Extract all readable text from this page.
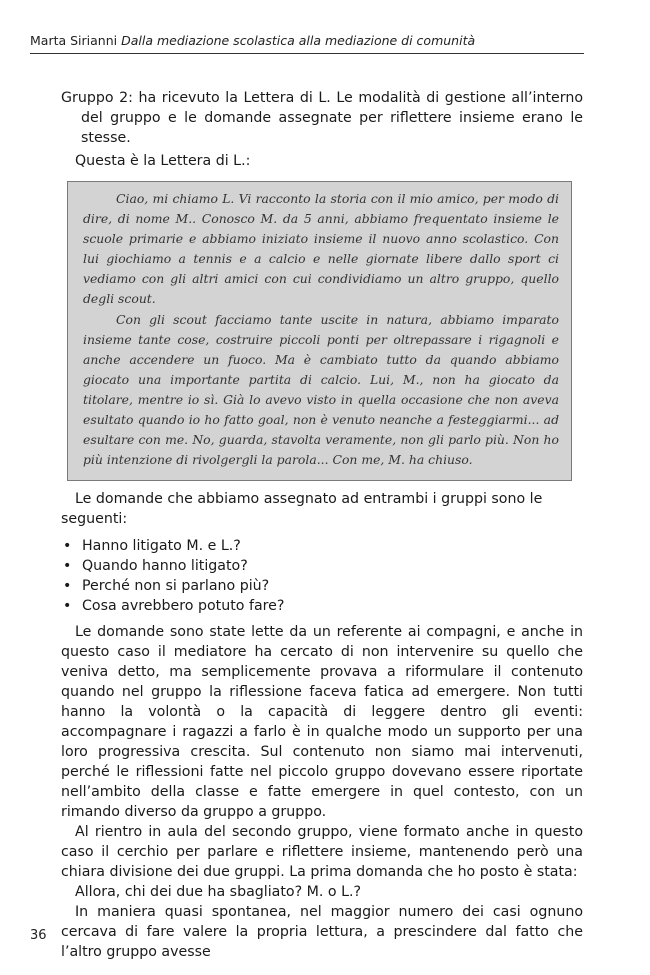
Marta Sirianni Dalla mediazione scolastica alla mediazione di comunità

Gruppo 2: ha ricevuto la Lettera di L. Le modalità di gestione all’interno del gruppo e le domande assegnate per riflettere insieme erano le stesse.

Questa è la Lettera di L.:

Ciao, mi chiamo L. Vi racconto la storia con il mio amico, per modo di dire, di nome M.. Conosco M. da 5 anni, abbiamo frequentato insieme le scuole primarie e abbiamo iniziato insieme il nuovo anno scolastico. Con lui giochiamo a tennis e a calcio e nelle giornate libere dallo sport ci vediamo con gli altri amici con cui condividiamo un altro gruppo, quello degli scout.

Con gli scout facciamo tante uscite in natura, abbiamo imparato insieme tante cose, costruire piccoli ponti per oltrepassare i rigagnoli e anche accendere un fuoco. Ma è cambiato tutto da quando abbiamo giocato una importante partita di calcio. Lui, M., non ha giocato da titolare, mentre io sì. Già lo avevo visto in quella occasione che non aveva esultato quando io ho fatto goal, non è venuto neanche a festeggiarmi... ad esultare con me. No, guarda, stavolta veramente, non gli parlo più. Non ho più intenzione di rivolgergli la parola... Con me, M. ha chiuso.

Le domande che abbiamo assegnato ad entrambi i gruppi sono le seguenti:

• Hanno litigato M. e L.?
• Quando hanno litigato?
• Perché non si parlano più?
• Cosa avrebbero potuto fare?

Le domande sono state lette da un referente ai compagni, e anche in questo caso il mediatore ha cercato di non intervenire su quello che veniva detto, ma semplicemente provava a riformulare il contenuto quando nel gruppo la riflessione faceva fatica ad emergere. Non tutti hanno la volontà o la capacità di leggere dentro gli eventi: accompagnare i ragazzi a farlo è in qualche modo un supporto per una loro progressiva crescita. Sul contenuto non siamo mai intervenuti, perché le riflessioni fatte nel piccolo gruppo dovevano essere riportate nell’ambito della classe e fatte emergere in quel contesto, con un rimando diverso da gruppo a gruppo.

Al rientro in aula del secondo gruppo, viene formato anche in questo caso il cerchio per parlare e riflettere insieme, mantenendo però una chiara divisione dei due gruppi. La prima domanda che ho posto è stata:

Allora, chi dei due ha sbagliato? M. o L.?

In maniera quasi spontanea, nel maggior numero dei casi ognuno cercava di fare valere la propria lettura, a prescindere dal fatto che l’altro gruppo avesse

36
